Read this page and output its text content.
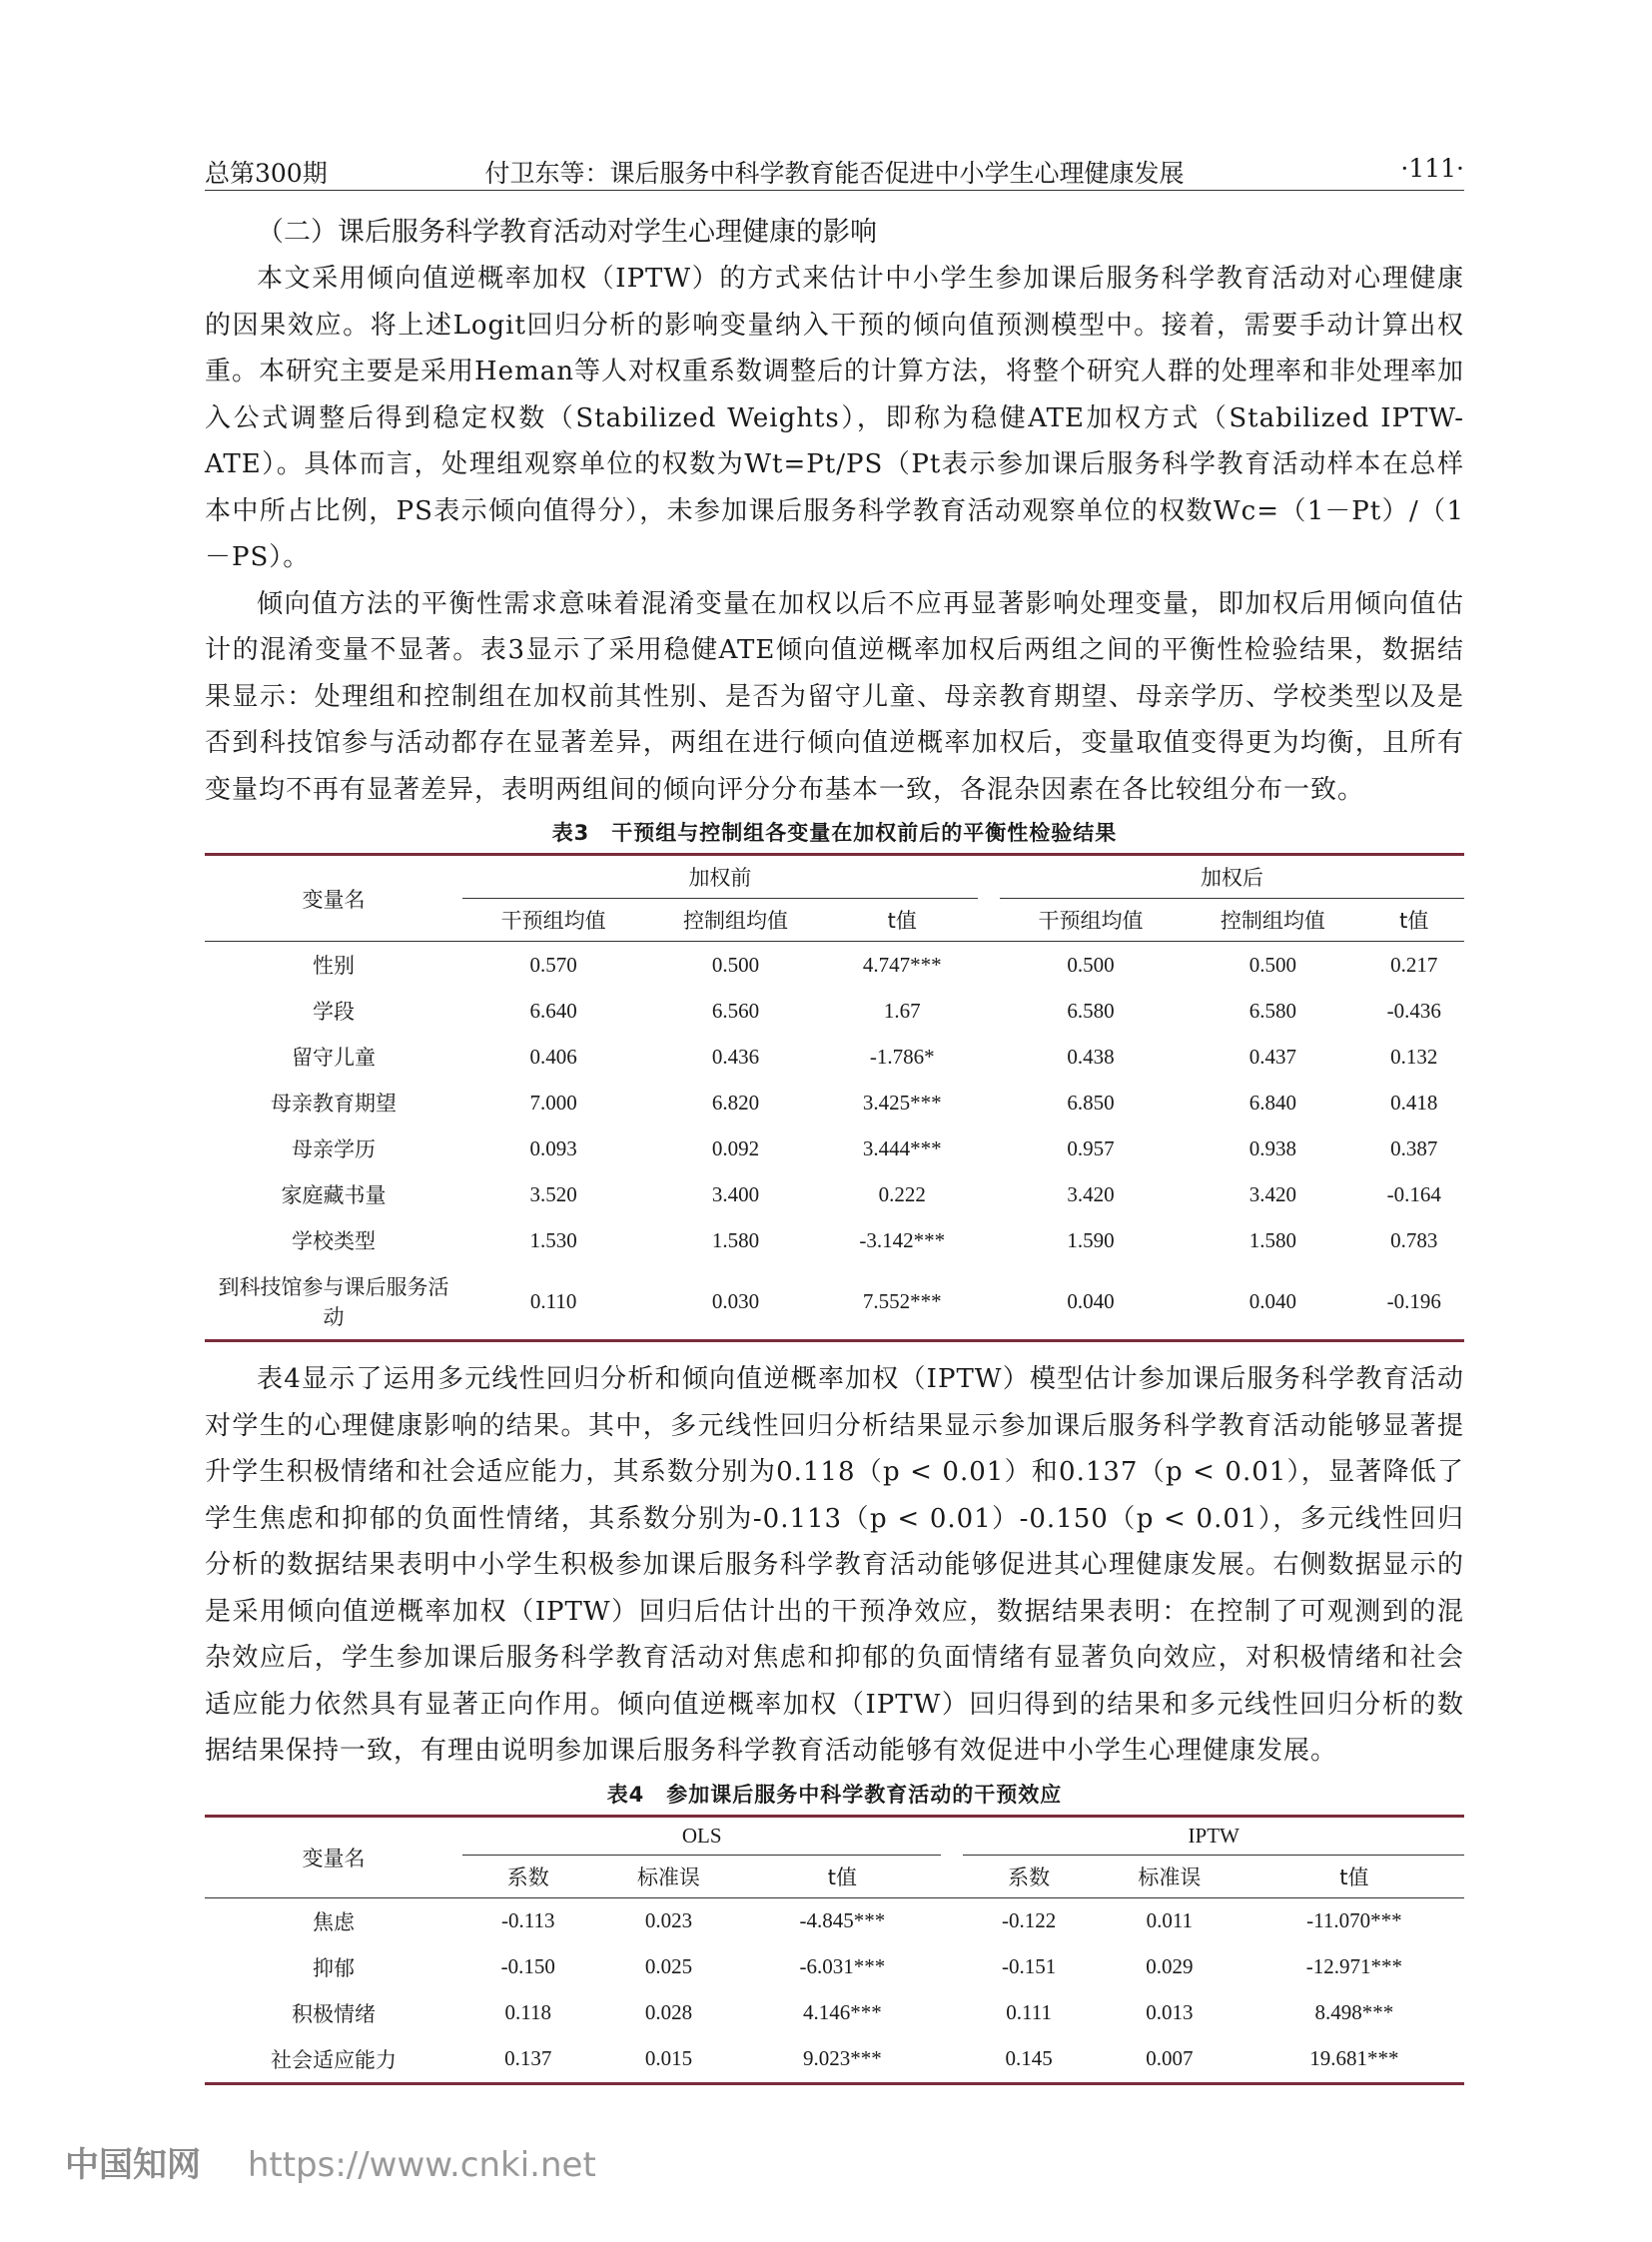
总第300期	付卫东等：课后服务中科学教育能否促进中小学生心理健康发展	·111·

（二）课后服务科学教育活动对学生心理健康的影响

本文采用倾向值逆概率加权（IPTW）的方式来估计中小学生参加课后服务科学教育活动对心理健康的因果效应。将上述Logit回归分析的影响变量纳入干预的倾向值预测模型中。接着，需要手动计算出权重。本研究主要是采用Heman等人对权重系数调整后的计算方法，将整个研究人群的处理率和非处理率加入公式调整后得到稳定权数（Stabilized Weights），即称为稳健ATE加权方式（Stabilized IPTW-ATE）。具体而言，处理组观察单位的权数为Wt=Pt/PS（Pt表示参加课后服务科学教育活动样本在总样本中所占比例，PS表示倾向值得分），未参加课后服务科学教育活动观察单位的权数Wc=（1－Pt）/（1－PS）。

倾向值方法的平衡性需求意味着混淆变量在加权以后不应再显著影响处理变量，即加权后用倾向值估计的混淆变量不显著。表3显示了采用稳健ATE倾向值逆概率加权后两组之间的平衡性检验结果，数据结果显示：处理组和控制组在加权前其性别、是否为留守儿童、母亲教育期望、母亲学历、学校类型以及是否到科技馆参与活动都存在显著差异，两组在进行倾向值逆概率加权后，变量取值变得更为均衡，且所有变量均不再有显著差异，表明两组间的倾向评分分布基本一致，各混杂因素在各比较组分布一致。

表3　干预组与控制组各变量在加权前后的平衡性检验结果
变量名	加权前				加权后		
	干预组均值	控制组均值	t值		干预组均值	控制组均值	t值
性别	0.570	0.500	4.747***		0.500	0.500	0.217
学段	6.640	6.560	1.67		6.580	6.580	-0.436
留守儿童	0.406	0.436	-1.786*		0.438	0.437	0.132
母亲教育期望	7.000	6.820	3.425***		6.850	6.840	0.418
母亲学历	0.093	0.092	3.444***		0.957	0.938	0.387
家庭藏书量	3.520	3.400	0.222		3.420	3.420	-0.164
学校类型	1.530	1.580	-3.142***		1.590	1.580	0.783
到科技馆参与课后服务活动	0.110	0.030	7.552***		0.040	0.040	-0.196

表4显示了运用多元线性回归分析和倾向值逆概率加权（IPTW）模型估计参加课后服务科学教育活动对学生的心理健康影响的结果。其中，多元线性回归分析结果显示参加课后服务科学教育活动能够显著提升学生积极情绪和社会适应能力，其系数分别为0.118（p < 0.01）和0.137（p < 0.01），显著降低了学生焦虑和抑郁的负面性情绪，其系数分别为-0.113（p < 0.01）-0.150（p < 0.01），多元线性回归分析的数据结果表明中小学生积极参加课后服务科学教育活动能够促进其心理健康发展。右侧数据显示的是采用倾向值逆概率加权（IPTW）回归后估计出的干预净效应，数据结果表明：在控制了可观测到的混杂效应后，学生参加课后服务科学教育活动对焦虑和抑郁的负面情绪有显著负向效应，对积极情绪和社会适应能力依然具有显著正向作用。倾向值逆概率加权（IPTW）回归得到的结果和多元线性回归分析的数据结果保持一致，有理由说明参加课后服务科学教育活动能够有效促进中小学生心理健康发展。

表4　参加课后服务中科学教育活动的干预效应
变量名	OLS				IPTW		
	系数	标准误	t值		系数	标准误	t值
焦虑	-0.113	0.023	-4.845***		-0.122	0.011	-11.070***
抑郁	-0.150	0.025	-6.031***		-0.151	0.029	-12.971***
积极情绪	0.118	0.028	4.146***		0.111	0.013	8.498***
社会适应能力	0.137	0.015	9.023***		0.145	0.007	19.681***
中国知网 https://www.cnki.net
